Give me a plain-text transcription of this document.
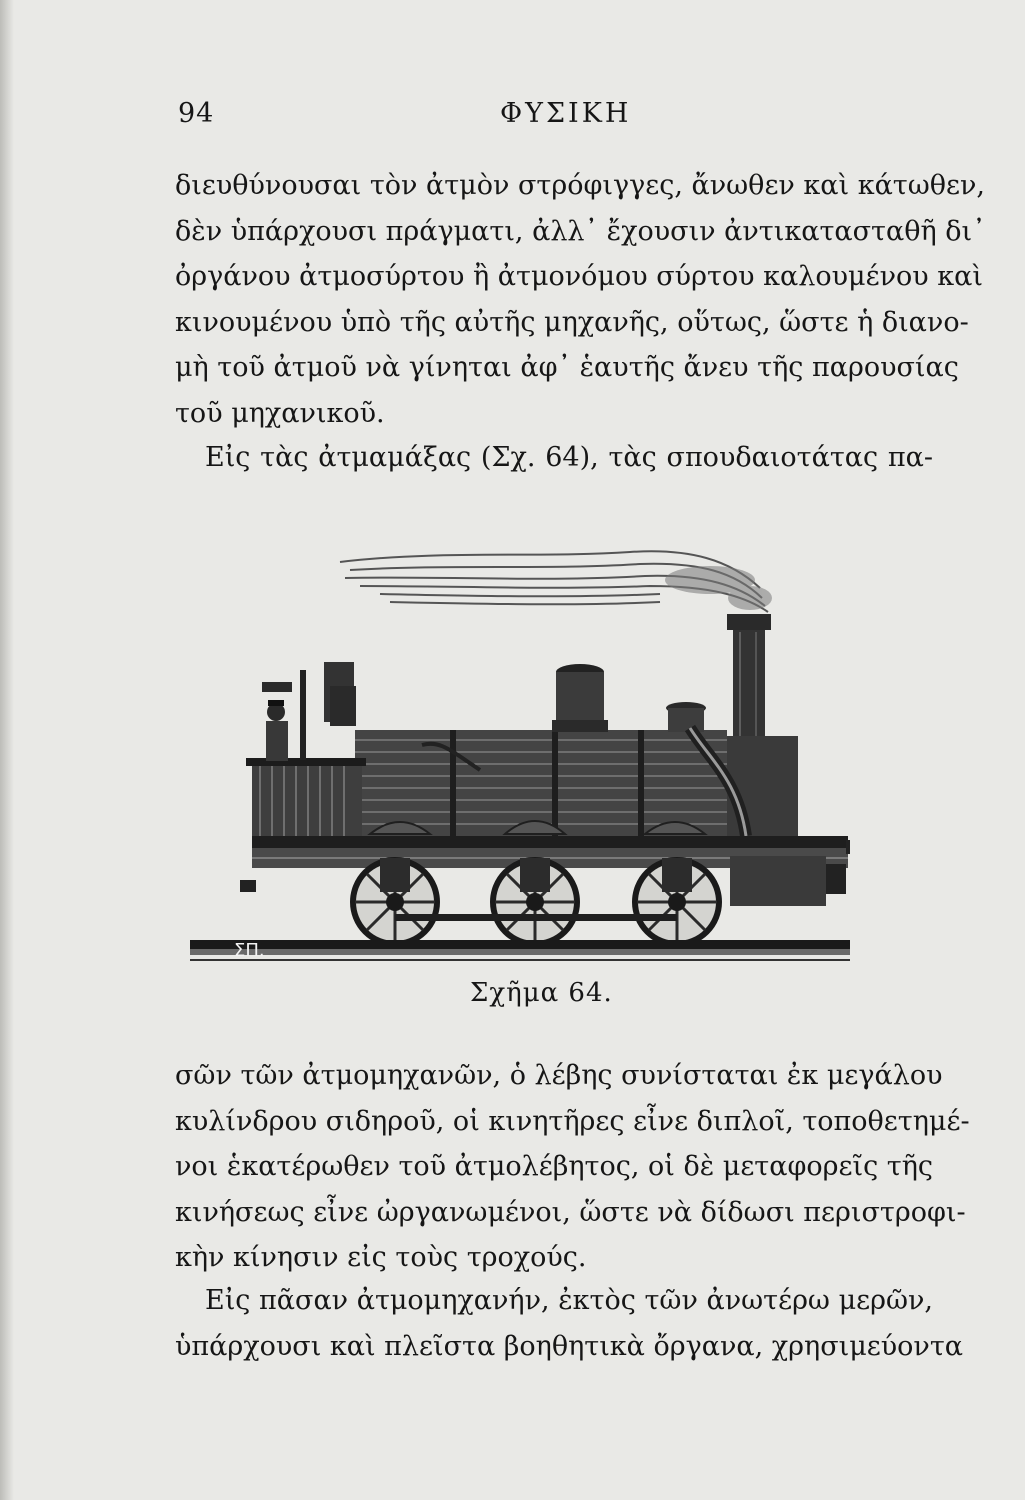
94	ΦΥΣΙΚΗ

διευθύνουσαι τὸν ἀτμὸν στρόφιγγες, ἄνωθεν καὶ κάτωθεν,
δὲν ὑπάρχουσι πράγματι, ἀλλ᾽ ἔχουσιν ἀντικατασταθῆ δι᾽
ὀργάνου ἀτμοσύρτου ἢ ἀτμονόμου σύρτου καλουμένου καὶ
κινουμένου ὑπὸ τῆς αὐτῆς μηχανῆς, οὕτως, ὥστε ἡ διανο-
μὴ τοῦ ἀτμοῦ νὰ γίνηται ἀφ᾽ ἑαυτῆς ἄνευ τῆς παρουσίας
τοῦ μηχανικοῦ.

Εἰς τὰς ἀτμαμάξας (Σχ. 64), τὰς σπουδαιοτάτας πα-

ΣΠ.
Σχῆμα 64.

σῶν τῶν ἀτμομηχανῶν, ὁ λέβης συνίσταται ἐκ μεγάλου
κυλίνδρου σιδηροῦ, οἱ κινητῆρες εἶνε διπλοῖ, τοποθετημέ-
νοι ἑκατέρωθεν τοῦ ἀτμολέβητος, οἱ δὲ μεταφορεῖς τῆς
κινήσεως εἶνε ὠργανωμένοι, ὥστε νὰ δίδωσι περιστροφι-
κὴν κίνησιν εἰς τοὺς τροχούς.

Εἰς πᾶσαν ἀτμομηχανήν, ἐκτὸς τῶν ἀνωτέρω μερῶν,
ὑπάρχουσι καὶ πλεῖστα βοηθητικὰ ὄργανα, χρησιμεύοντα
